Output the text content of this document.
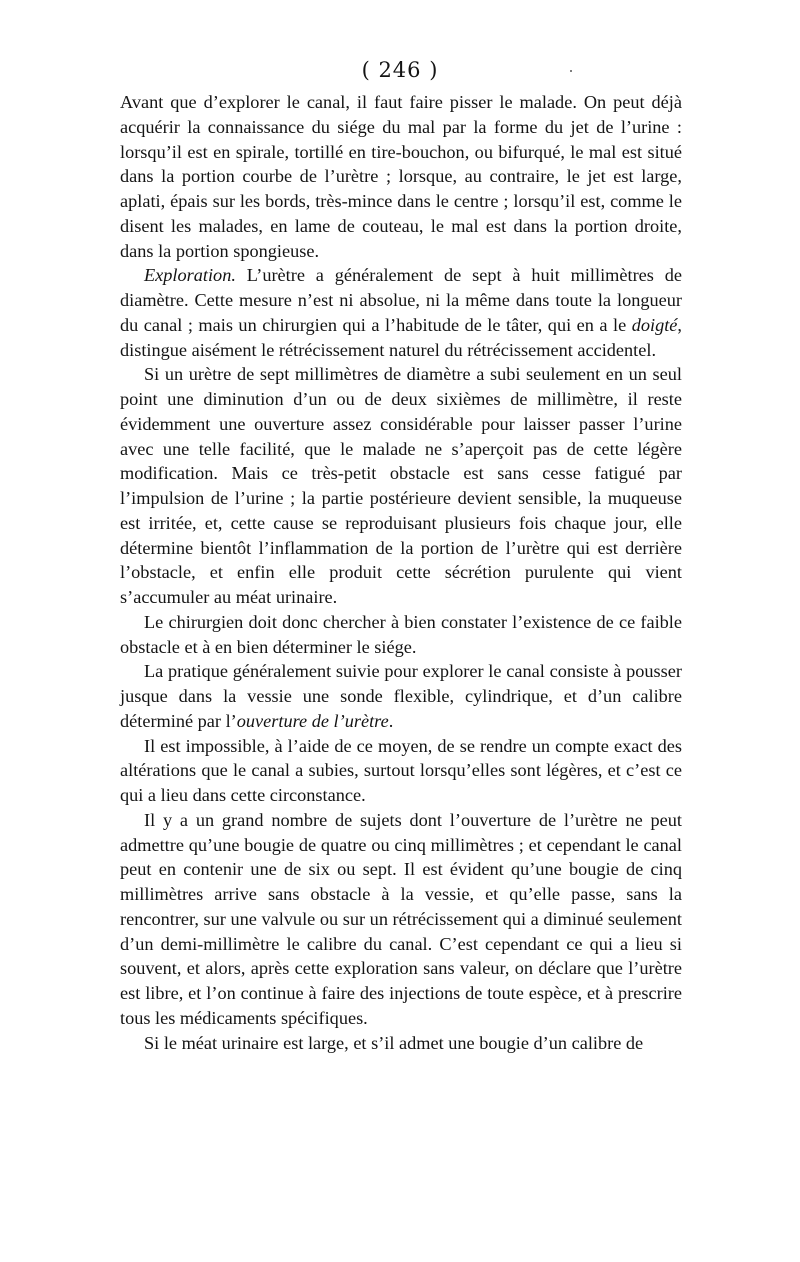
( 246 )

Avant que d’explorer le canal, il faut faire pisser le malade. On peut déjà acquérir la connaissance du siége du mal par la forme du jet de l’urine : lorsqu’il est en spirale, tortillé en tire-bouchon, ou bifurqué, le mal est situé dans la portion courbe de l’urètre ; lorsque, au contraire, le jet est large, aplati, épais sur les bords, très-mince dans le centre ; lorsqu’il est, comme le disent les malades, en lame de couteau, le mal est dans la portion droite, dans la portion spongieuse.

Exploration. L’urètre a généralement de sept à huit millimètres de diamètre. Cette mesure n’est ni absolue, ni la même dans toute la longueur du canal ; mais un chirurgien qui a l’habitude de le tâter, qui en a le doigté, distingue aisément le rétrécissement naturel du rétrécissement accidentel.

Si un urètre de sept millimètres de diamètre a subi seulement en un seul point une diminution d’un ou de deux sixièmes de millimètre, il reste évidemment une ouverture assez considérable pour laisser passer l’urine avec une telle facilité, que le malade ne s’aperçoit pas de cette légère modification. Mais ce très-petit obstacle est sans cesse fatigué par l’impulsion de l’urine ; la partie postérieure devient sensible, la muqueuse est irritée, et, cette cause se reproduisant plusieurs fois chaque jour, elle détermine bientôt l’inflammation de la portion de l’urètre qui est derrière l’obstacle, et enfin elle produit cette sécrétion purulente qui vient s’accumuler au méat urinaire.

Le chirurgien doit donc chercher à bien constater l’existence de ce faible obstacle et à en bien déterminer le siége.

La pratique généralement suivie pour explorer le canal consiste à pousser jusque dans la vessie une sonde flexible, cylindrique, et d’un calibre déterminé par l’ouverture de l’urètre.

Il est impossible, à l’aide de ce moyen, de se rendre un compte exact des altérations que le canal a subies, surtout lorsqu’elles sont légères, et c’est ce qui a lieu dans cette circonstance.

Il y a un grand nombre de sujets dont l’ouverture de l’urètre ne peut admettre qu’une bougie de quatre ou cinq millimètres ; et cependant le canal peut en contenir une de six ou sept. Il est évident qu’une bougie de cinq millimètres arrive sans obstacle à la vessie, et qu’elle passe, sans la rencontrer, sur une valvule ou sur un rétrécissement qui a diminué seulement d’un demi-millimètre le calibre du canal. C’est cependant ce qui a lieu si souvent, et alors, après cette exploration sans valeur, on déclare que l’urètre est libre, et l’on continue à faire des injections de toute espèce, et à prescrire tous les médicaments spécifiques.

Si le méat urinaire est large, et s’il admet une bougie d’un calibre de
